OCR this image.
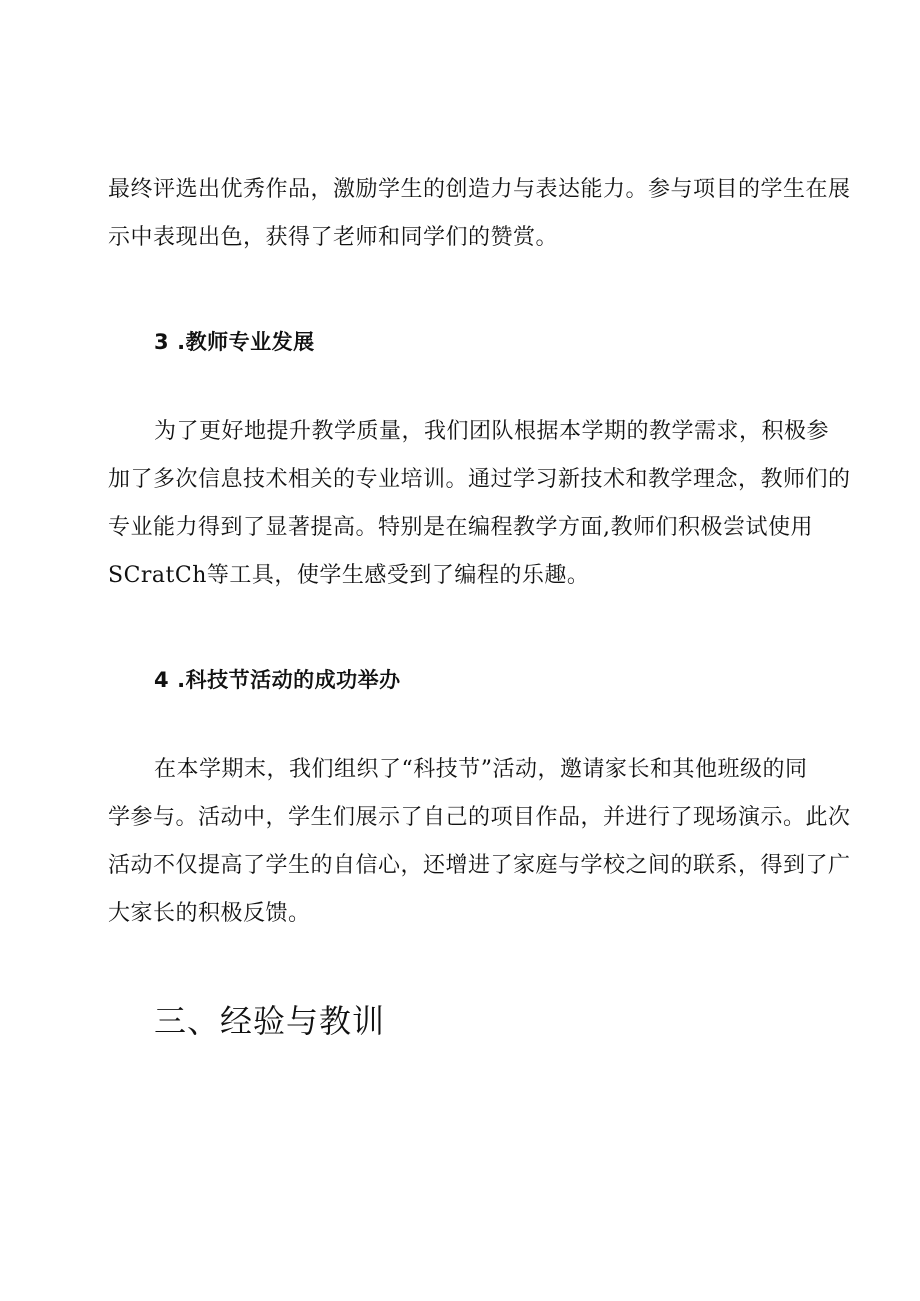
最终评选出优秀作品，激励学生的创造力与表达能力。参与项目的学生在展
示中表现出色，获得了老师和同学们的赞赏。

3 .教师专业发展

为了更好地提升教学质量，我们团队根据本学期的教学需求，积极参
加了多次信息技术相关的专业培训。通过学习新技术和教学理念，教师们的
专业能力得到了显著提高。特别是在编程教学方面,教师们积极尝试使用
SCratCh等工具，使学生感受到了编程的乐趣。

4 .科技节活动的成功举办

在本学期末，我们组织了“科技节”活动，邀请家长和其他班级的同
学参与。活动中，学生们展示了自己的项目作品，并进行了现场演示。此次
活动不仅提高了学生的自信心，还增进了家庭与学校之间的联系，得到了广
大家长的积极反馈。

三、经验与教训
